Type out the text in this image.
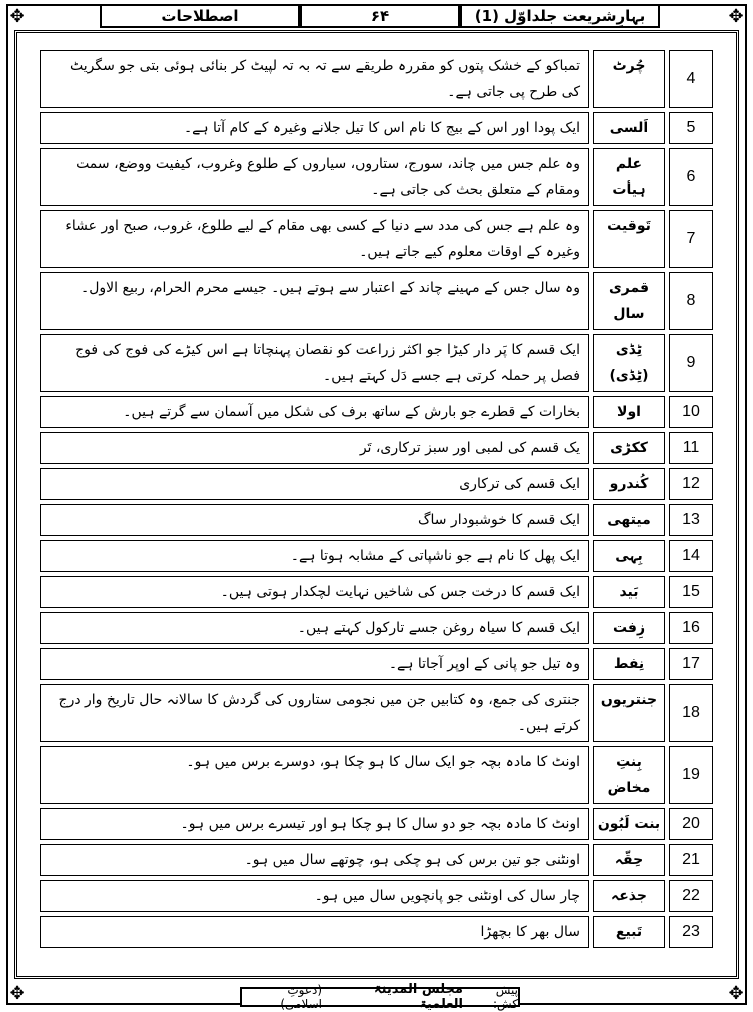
✥	✥
✥	✥
بہارِشریعت جلداوّل (1)
۶۴
اصطلاحات
4
چُرٹ
تمباکو کے خشک پتوں کو مقررہ طریقے سے تہ بہ تہ لپیٹ کر بنائی ہوئی بتی جو سگریٹ کی طرح پی جاتی ہے۔
5
اَلسی
ایک پودا اور اس کے بیج کا نام اس کا تیل جلانے وغیرہ کے کام آتا ہے۔
6
علم ہیأت
وہ علم جس میں چاند، سورج، ستاروں، سیاروں کے طلوع وغروب، کیفیت ووضع، سمت ومقام کے متعلق بحث کی جاتی ہے۔
7
تَوقیت
وہ علم ہے جس کی مدد سے دنیا کے کسی بھی مقام کے لیے طلوع، غروب، صبح اور عشاء وغیرہ کے اوقات معلوم کیے جاتے ہیں۔
8
قمری سال
وہ سال جس کے مہینے چاند کے اعتبار سے ہوتے ہیں۔ جیسے محرم الحرام، ربیع الاول۔
9
ٹِڈی (ٹِڈی)
ایک قسم کا پَر دار کیڑا جو اکثر زراعت کو نقصان پہنچاتا ہے اس کیڑے کی فوج کی فوج فصل پر حملہ کرتی ہے جسے دَل کہتے ہیں۔
10
اولا
بخارات کے قطرے جو بارش کے ساتھ برف کی شکل میں آسمان سے گرتے ہیں۔
11
ککڑی
یک قسم کی لمبی اور سبز ترکاری، تَر
12
کُندرو
ایک قسم کی ترکاری
13
میتھی
ایک قسم کا خوشبودار ساگ
14
بِہی
ایک پھل کا نام ہے جو ناشپاتی کے مشابہ ہوتا ہے۔
15
بَید
ایک قسم کا درخت جس کی شاخیں نہایت لچکدار ہوتی ہیں۔
16
زِفت
ایک قسم کا سیاہ روغن جسے تارکول کہتے ہیں۔
17
نِفط
وہ تیل جو پانی کے اوپر آجاتا ہے۔
18
جنتریوں
جنتری کی جمع، وہ کتابیں جن میں نجومی ستاروں کی گردش کا سالانہ حال تاریخ وار درج کرتے ہیں۔
19
بِنتِ مخاض
اونٹ کا مادہ بچہ جو ایک سال کا ہو چکا ہو، دوسرے برس میں ہو۔
20
بنت لَبُون
اونٹ کا مادہ بچہ جو دو سال کا ہو چکا ہو اور تیسرے برس میں ہو۔
21
حِقّہ
اونٹنی جو تین برس کی ہو چکی ہو، چوتھے سال میں ہو۔
22
جذعہ
چار سال کی اونٹنی جو پانچویں سال میں ہو۔
23
تَبیع
سال بھر کا بچھڑا
پیش کش:
مجلس المدینۃ العلمیۃ
(دعوتِ اسلامی)
